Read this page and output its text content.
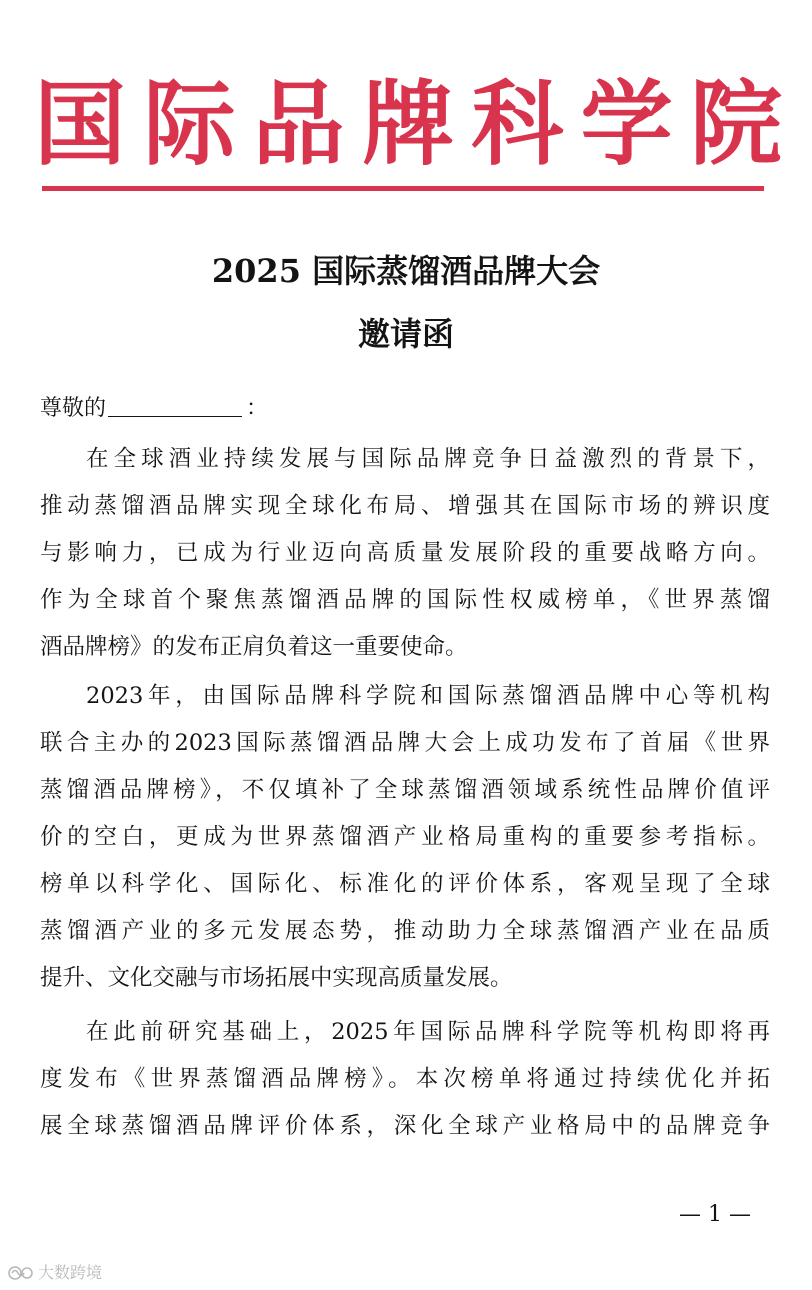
国际品牌科学院
2025 国际蒸馏酒品牌大会
邀请函
尊敬的	：
在全球酒业持续发展与国际品牌竞争日益激烈的背景下，
推动蒸馏酒品牌实现全球化布局、增强其在国际市场的辨识度
与影响力，已成为行业迈向高质量发展阶段的重要战略方向。
作为全球首个聚焦蒸馏酒品牌的国际性权威榜单，《世界蒸馏
酒品牌榜》的发布正肩负着这一重要使命。
2023年，由国际品牌科学院和国际蒸馏酒品牌中心等机构
联合主办的2023国际蒸馏酒品牌大会上成功发布了首届《世界
蒸馏酒品牌榜》，不仅填补了全球蒸馏酒领域系统性品牌价值评
价的空白，更成为世界蒸馏酒产业格局重构的重要参考指标。
榜单以科学化、国际化、标准化的评价体系，客观呈现了全球
蒸馏酒产业的多元发展态势，推动助力全球蒸馏酒产业在品质
提升、文化交融与市场拓展中实现高质量发展。
在此前研究基础上，2025年国际品牌科学院等机构即将再
度发布《世界蒸馏酒品牌榜》。本次榜单将通过持续优化并拓
展全球蒸馏酒品牌评价体系，深化全球产业格局中的品牌竞争
— 1 —
大数跨境
